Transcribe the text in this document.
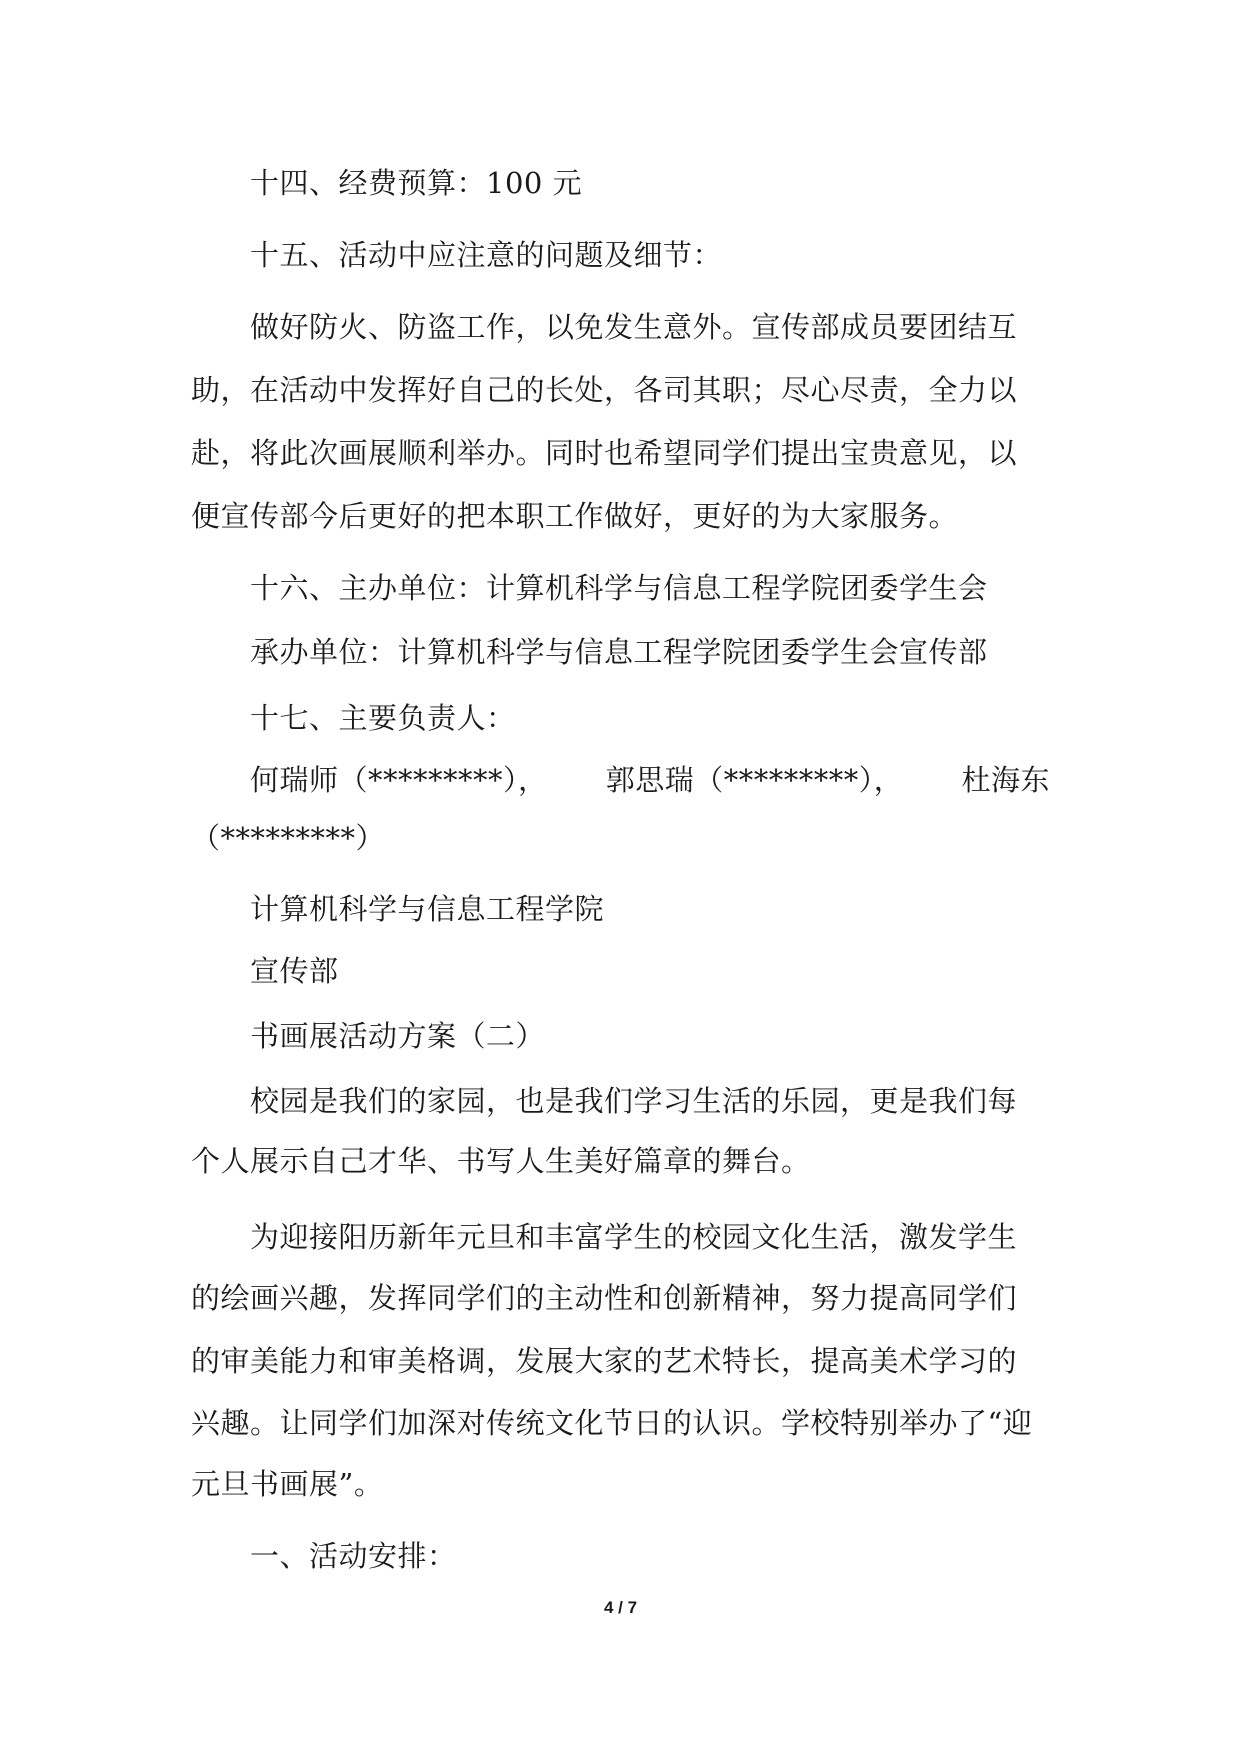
十四、经费预算：100 元
十五、活动中应注意的问题及细节：
做好防火、防盗工作，以免发生意外。宣传部成员要团结互
助，在活动中发挥好自己的长处，各司其职；尽心尽责，全力以
赴，将此次画展顺利举办。同时也希望同学们提出宝贵意见，以
便宣传部今后更好的把本职工作做好，更好的为大家服务。
十六、主办单位：计算机科学与信息工程学院团委学生会
承办单位：计算机科学与信息工程学院团委学生会宣传部
十七、主要负责人：
何瑞师（*********）， 郭思瑞（*********）， 杜海东
（*********）
计算机科学与信息工程学院
宣传部
书画展活动方案（二）
校园是我们的家园，也是我们学习生活的乐园，更是我们每
个人展示自己才华、书写人生美好篇章的舞台。
为迎接阳历新年元旦和丰富学生的校园文化生活，激发学生
的绘画兴趣，发挥同学们的主动性和创新精神，努力提高同学们
的审美能力和审美格调，发展大家的艺术特长，提高美术学习的
兴趣。让同学们加深对传统文化节日的认识。学校特别举办了“迎
元旦书画展”。
一、活动安排：
4 / 7
